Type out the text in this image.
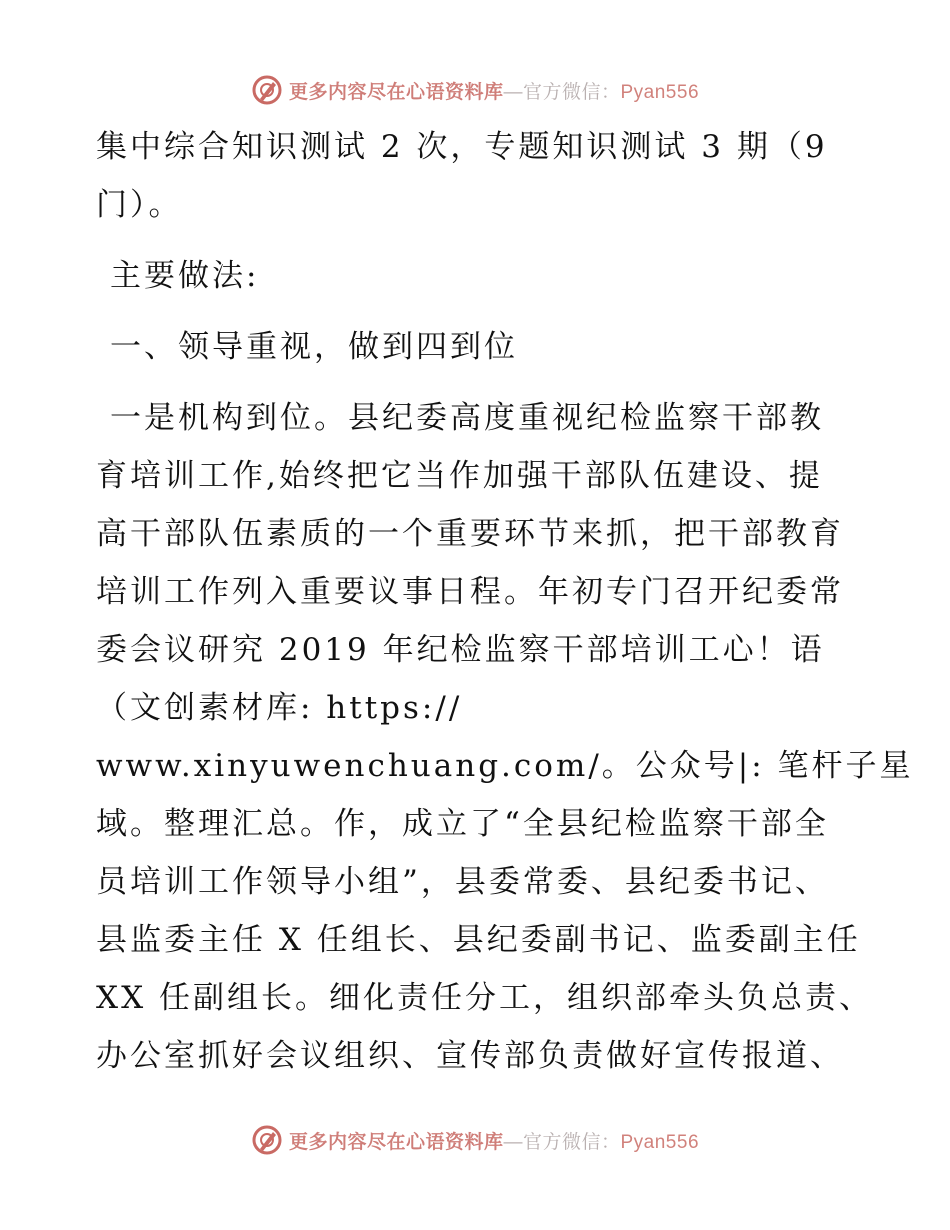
更多内容尽在心语资料库—官方微信：Pyan556
集中综合知识测试 2 次，专题知识测试 3 期（9
门）。
主要做法:
一、领导重视，做到四到位
一是机构到位。县纪委高度重视纪检监察干部教
育培训工作,始终把它当作加强干部队伍建设、提
高干部队伍素质的一个重要环节来抓，把干部教育
培训工作列入重要议事日程。年初专门召开纪委常
委会议研究 2019 年纪检监察干部培训工心！语
（文创素材库: https://
www.xinyuwenchuang.com/。公众号|: 笔杆子星
域。整理汇总。作，成立了“全县纪检监察干部全
员培训工作领导小组”，县委常委、县纪委书记、
县监委主任 X 任组长、县纪委副书记、监委副主任
XX 任副组长。细化责任分工，组织部牵头负总责、
办公室抓好会议组织、宣传部负责做好宣传报道、
更多内容尽在心语资料库—官方微信：Pyan556
